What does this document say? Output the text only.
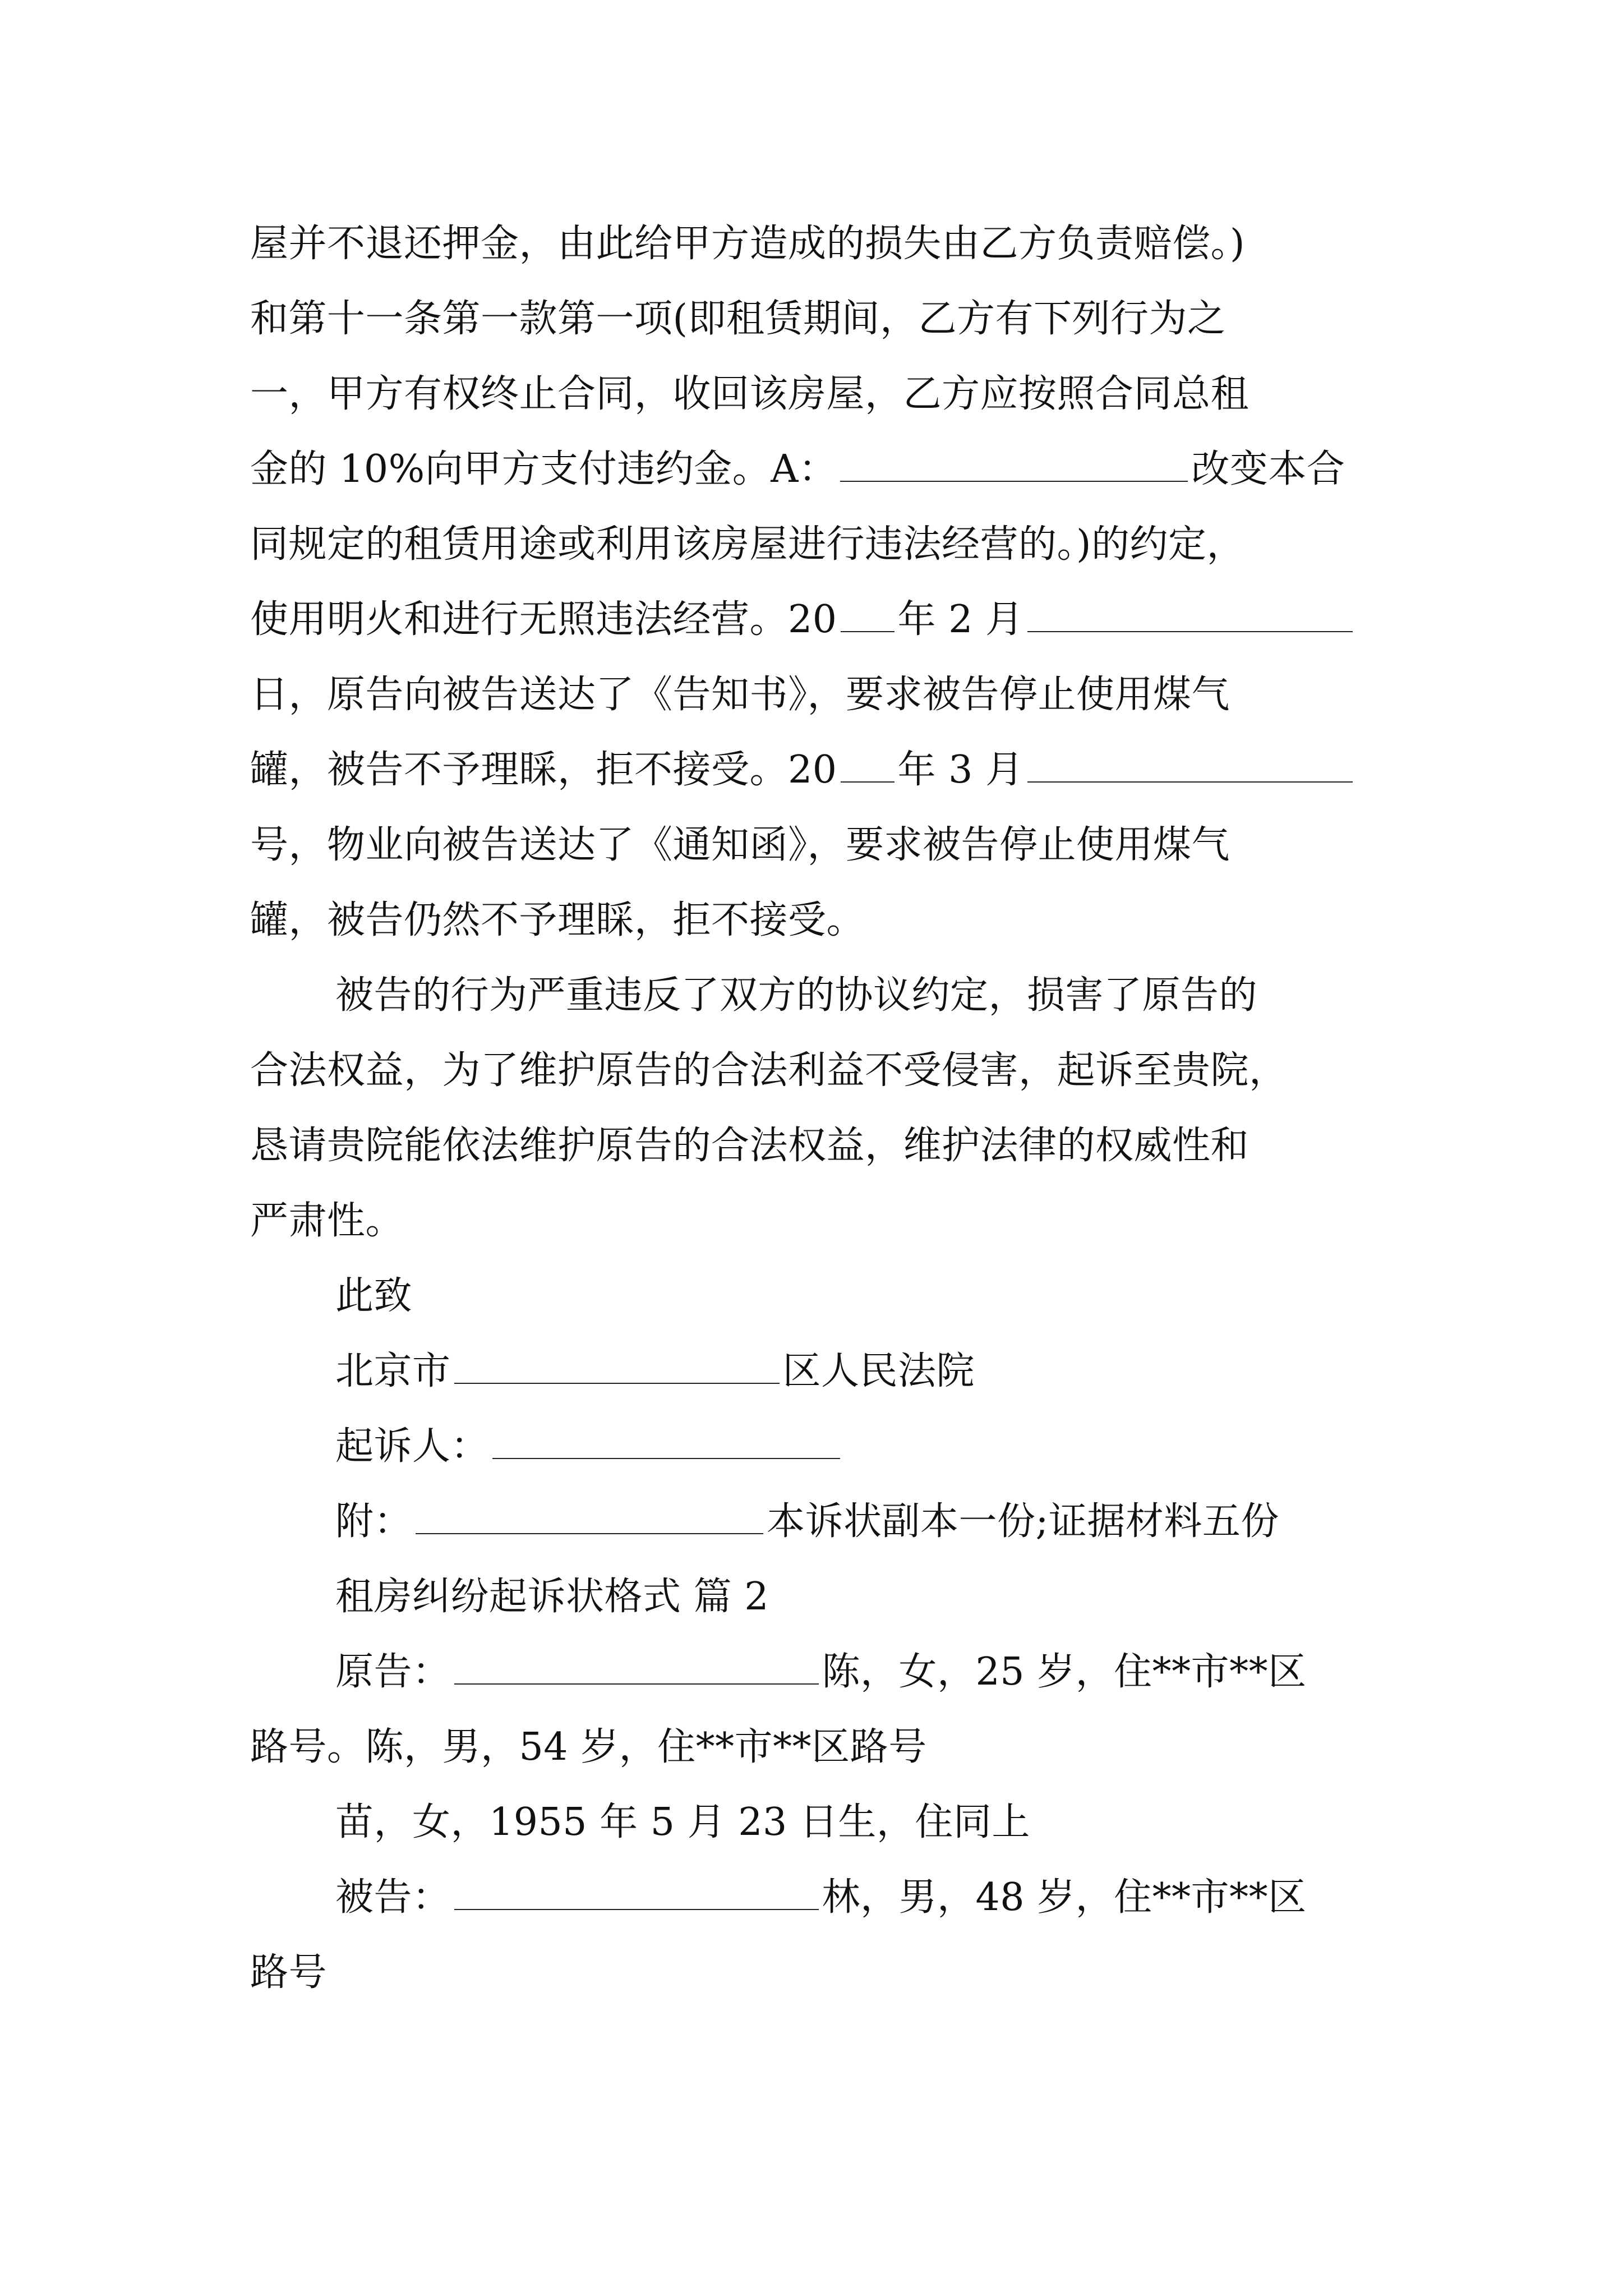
屋并不退还押金，由此给甲方造成的损失由乙方负责赔偿。)
和第十一条第一款第一项(即租赁期间，乙方有下列行为之
一，甲方有权终止合同，收回该房屋，乙方应按照合同总租
金的 10%向甲方支付违约金。A：	改变本合
同规定的租赁用途或利用该房屋进行违法经营的。)的约定，
使用明火和进行无照违法经营。20 年 2 月
日，原告向被告送达了《告知书》，要求被告停止使用煤气
罐，被告不予理睬，拒不接受。20 年 3 月
号，物业向被告送达了《通知函》，要求被告停止使用煤气
罐，被告仍然不予理睬，拒不接受。
被告的行为严重违反了双方的协议约定，损害了原告的
合法权益，为了维护原告的合法利益不受侵害，起诉至贵院，
恳请贵院能依法维护原告的合法权益，维护法律的权威性和
严肃性。
此致
北京市	区人民法院
起诉人：
附：	本诉状副本一份;证据材料五份
租房纠纷起诉状格式 篇 2
原告：	陈，女，25 岁，住**市**区
路号。陈，男，54 岁，住**市**区路号
苗，女，1955 年 5 月 23 日生，住同上
被告：	林，男，48 岁，住**市**区
路号
